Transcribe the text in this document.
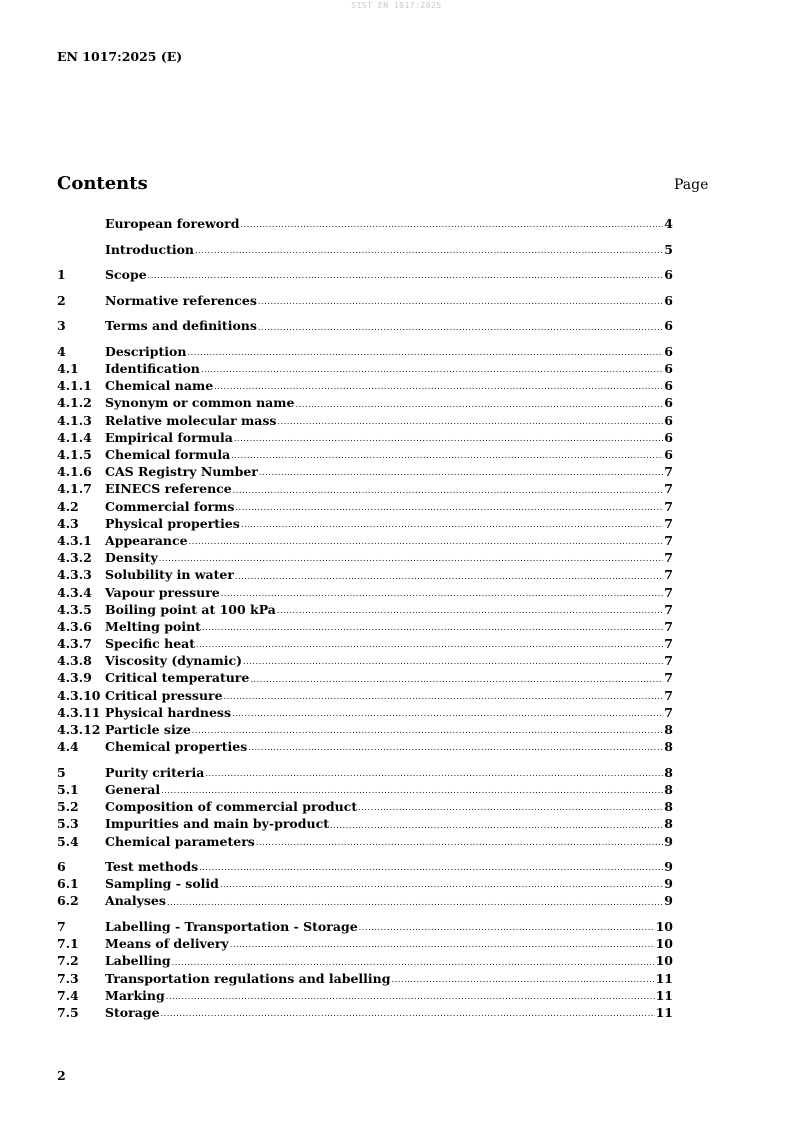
SIST EN 1017:2025
EN 1017:2025 (E)
Contents	Page
European foreword .....	4
Introduction .....	5
1	Scope .....	6
2	Normative references .....	6
3	Terms and definitions .....	6
4	Description .....	6
4.1	Identification .....	6
4.1.1	Chemical name .....	6
4.1.2	Synonym or common name .....	6
4.1.3	Relative molecular mass .....	6
4.1.4	Empirical formula .....	6
4.1.5	Chemical formula .....	6
4.1.6	CAS Registry Number .....	7
4.1.7	EINECS reference .....	7
4.2	Commercial forms .....	7
4.3	Physical properties .....	7
4.3.1	Appearance .....	7
4.3.2	Density .....	7
4.3.3	Solubility in water .....	7
4.3.4	Vapour pressure .....	7
4.3.5	Boiling point at 100 kPa .....	7
4.3.6	Melting point .....	7
4.3.7	Specific heat .....	7
4.3.8	Viscosity (dynamic) .....	7
4.3.9	Critical temperature .....	7
4.3.10 Critical pressure .....	7
4.3.11 Physical hardness .....	7
4.3.12 Particle size .....	8
4.4	Chemical properties .....	8
5	Purity criteria .....	8
5.1	General .....	8
5.2	Composition of commercial product .....	8
5.3	Impurities and main by-product .....	8
5.4	Chemical parameters .....	9
6	Test methods .....	9
6.1	Sampling - solid .....	9
6.2	Analyses .....	9
7	Labelling - Transportation - Storage .....	10
7.1	Means of delivery .....	10
7.2	Labelling .....	10
7.3	Transportation regulations and labelling .....	11
7.4	Marking .....	11
7.5	Storage .....	11
2
